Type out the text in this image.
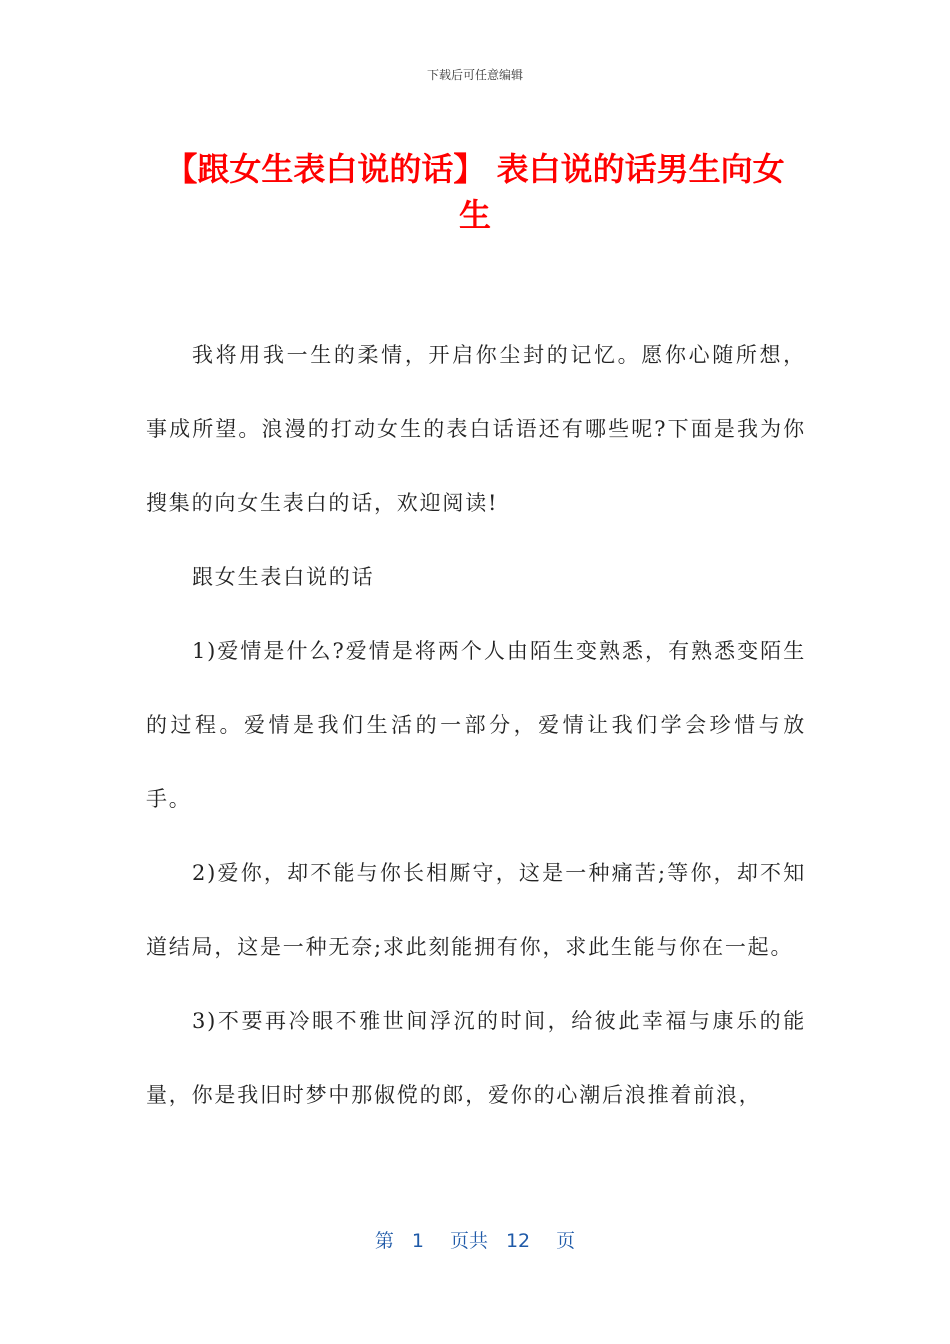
下载后可任意编辑
【跟女生表白说的话】 表白说的话男生向女生

我将用我一生的柔情，开启你尘封的记忆。愿你心随所想，事成所望。浪漫的打动女生的表白话语还有哪些呢?下面是我为你搜集的向女生表白的话，欢迎阅读!

跟女生表白说的话

1)爱情是什么?爱情是将两个人由陌生变熟悉，有熟悉变陌生的过程。爱情是我们生活的一部分，爱情让我们学会珍惜与放手。

2)爱你，却不能与你长相厮守，这是一种痛苦;等你，却不知道结局，这是一种无奈;求此刻能拥有你，求此生能与你在一起。

3)不要再冷眼不雅世间浮沉的时间，给彼此幸福与康乐的能量，你是我旧时梦中那俶傥的郎，爱你的心潮后浪推着前浪，

第 1 页共 12 页
